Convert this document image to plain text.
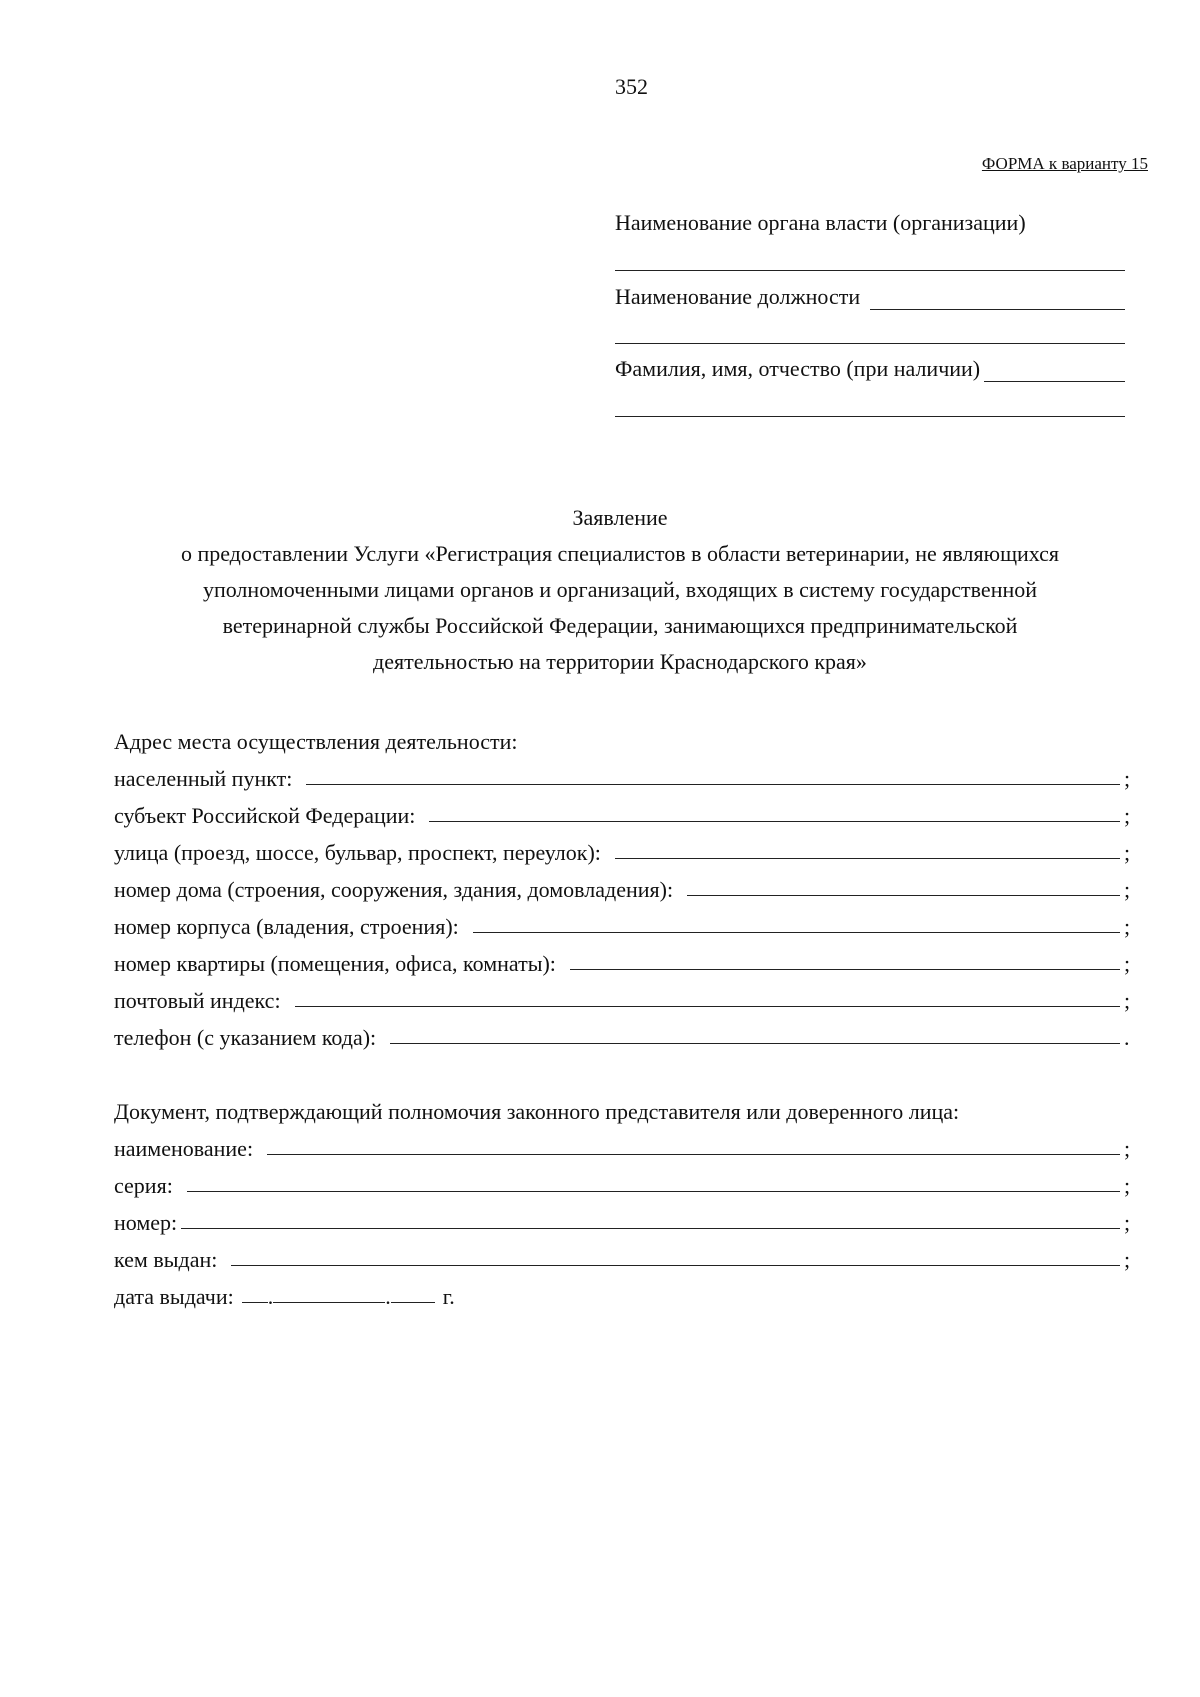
352
ФОРМА к варианту 15
Наименование органа власти (организации)
Наименование должности
Фамилия, имя, отчество (при наличии)
Заявление
о предоставлении Услуги «Регистрация специалистов в области ветеринарии, не являющихся
уполномоченными лицами органов и организаций, входящих в систему государственной
ветеринарной службы Российской Федерации, занимающихся предпринимательской
деятельностью на территории Краснодарского края»
Адрес места осуществления деятельности:
населенный пункт:	;
субъект Российской Федерации:	;
улица (проезд, шоссе, бульвар, проспект, переулок):	;
номер дома (строения, сооружения, здания, домовладения):	;
номер корпуса (владения, строения):	;
номер квартиры (помещения, офиса, комнаты):	;
почтовый индекс:	;
телефон (с указанием кода):	.
Документ, подтверждающий полномочия законного представителя или доверенного лица:
наименование:	;
серия:	;
номер:	;
кем выдан:	;
дата выдачи: .	. г.
